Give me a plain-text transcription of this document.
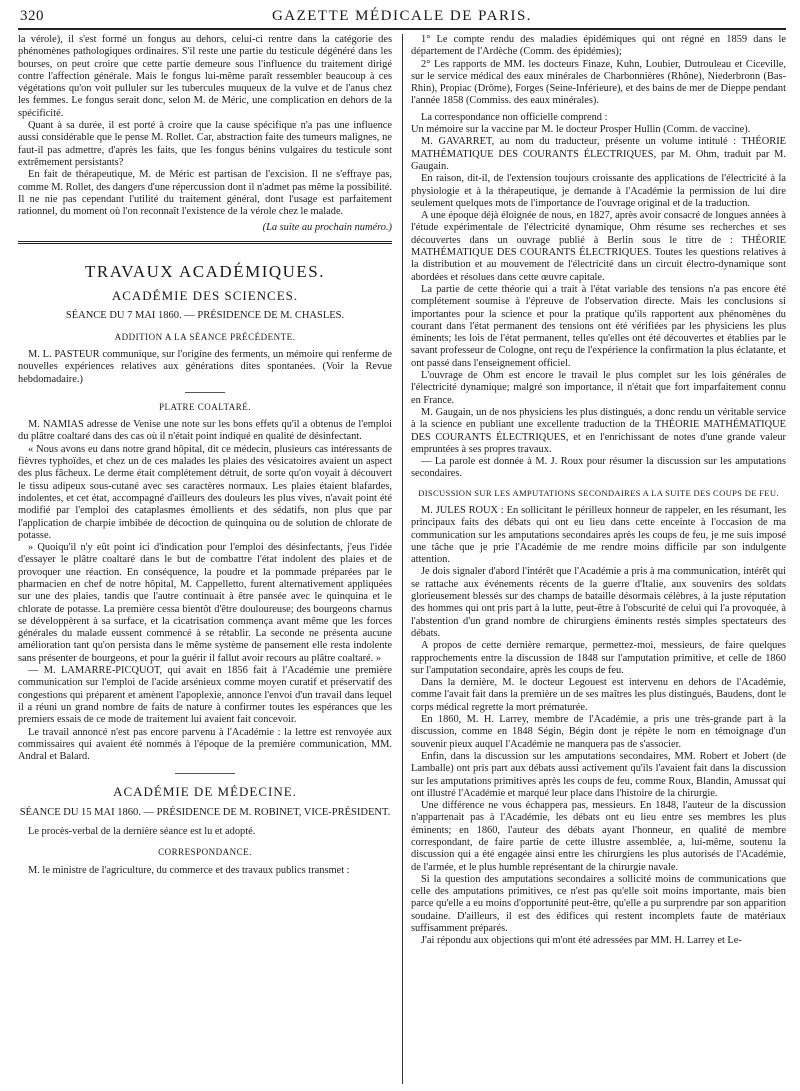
320	GAZETTE MÉDICALE DE PARIS.

la vérole), il s'est formé un fongus au dehors, celui-ci rentre dans la catégorie des phénomènes pathologiques ordinaires. S'il reste une partie du testicule dégénéré dans les bourses, on peut croire que cette partie demeure sous l'influence du traitement dirigé contre l'affection générale. Mais le fongus lui-même paraît ressembler beaucoup à ces végétations qu'on voit pulluler sur les tubercules muqueux de la vulve et de l'anus chez les femmes. Le fongus serait donc, selon M. de Méric, une complication en dehors de la spécificité.

Quant à sa durée, il est porté à croire que la cause spécifique n'a pas une influence aussi considérable que le pense M. Rollet. Car, abstraction faite des tumeurs malignes, ne faut-il pas admettre, d'après les faits, que les fongus bénins vulgaires du testicule sont extrêmement persistants?

En fait de thérapeutique, M. de Méric est partisan de l'excision. Il ne s'effraye pas, comme M. Rollet, des dangers d'une répercussion dont il n'admet pas même la possibilité. Il ne nie pas cependant l'utilité du traitement général, dont l'usage est parfaitement rationnel, du moment où l'on reconnaît l'existence de la vérole chez le malade.

(La suite au prochain numéro.)

TRAVAUX ACADÉMIQUES.
ACADÉMIE DES SCIENCES.
SÉANCE DU 7 MAI 1860. — PRÉSIDENCE DE M. CHASLES.
ADDITION A LA SÉANCE PRÉCÉDENTE.

M. L. PASTEUR communique, sur l'origine des ferments, un mémoire qui renferme de nouvelles expériences relatives aux générations dites spontanées. (Voir la Revue hebdomadaire.)

PLATRE COALTARÉ.

M. NAMIAS adresse de Venise une note sur les bons effets qu'il a obtenus de l'emploi du plâtre coaltaré dans des cas où il n'était point indiqué en qualité de désinfectant.

« Nous avons eu dans notre grand hôpital, dit ce médecin, plusieurs cas intéressants de fièvres typhoïdes, et chez un de ces malades les plaies des vésicatoires avaient un aspect des plus fâcheux. Le derme était complétement détruit, de sorte qu'on voyait à découvert le tissu adipeux sous-cutané avec ses caractères normaux. Les plaies étaient blafardes, indolentes, et cet état, accompagné d'ailleurs des douleurs les plus vives, n'avait point été modifié par l'emploi des cataplasmes émollients et des sédatifs, non plus que par l'application de charpie imbibée de décoction de quinquina ou de solution de chlorate de potasse.

» Quoiqu'il n'y eût point ici d'indication pour l'emploi des désinfectants, j'eus l'idée d'essayer le plâtre coaltaré dans le but de combattre l'état indolent des plaies et de provoquer une réaction. En conséquence, la poudre et la pommade préparées par le pharmacien en chef de notre hôpital, M. Cappelletto, furent alternativement appliquées sur une des plaies, tandis que l'autre continuait à être pansée avec le quinquina et le chlorate de potasse. La première cessa bientôt d'être douloureuse; des bourgeons charnus se développèrent à sa surface, et la cicatrisation commença avant même que les forces générales du malade eussent commencé à se rétablir. La seconde ne présenta aucune amélioration tant qu'on persista dans le même système de pansement elle resta indolente sans présenter de bourgeons, et pour la guérir il fallut avoir recours au plâtre coaltaré. »

— M. LAMARRE-PICQUOT, qui avait en 1856 fait à l'Académie une première communication sur l'emploi de l'acide arsénieux comme moyen curatif et préservatif des congestions qui préparent et amènent l'apoplexie, annonce l'envoi d'un travail dans lequel il a réuni un grand nombre de faits de nature à confirmer toutes les espérances que les premiers essais de ce mode de traitement lui avaient fait concevoir.

Le travail annoncé n'est pas encore parvenu à l'Académie : la lettre est renvoyée aux commissaires qui avaient été nommés à l'époque de la première communication, MM. Andral et Balard.

ACADÉMIE DE MÉDECINE.
SÉANCE DU 15 MAI 1860. — PRÉSIDENCE DE M. ROBINET, VICE-PRÉSIDENT.

Le procès-verbal de la dernière séance est lu et adopté.

CORRESPONDANCE.

M. le ministre de l'agriculture, du commerce et des travaux publics transmet :

1° Le compte rendu des maladies épidémiques qui ont régné en 1859 dans le département de l'Ardèche (Comm. des épidémies);

2° Les rapports de MM. les docteurs Finaze, Kuhn, Loubier, Dutrouleau et Ciceville, sur le service médical des eaux minérales de Charbonnières (Rhône), Niederbronn (Bas-Rhin), Propiac (Drôme), Forges (Seine-Inférieure), et des bains de mer de Dieppe pendant l'année 1858 (Commiss. des eaux minérales).

La correspondance non officielle comprend :

Un mémoire sur la vaccine par M. le docteur Prosper Hullin (Comm. de vaccine).

M. GAVARRET, au nom du traducteur, présente un volume intitulé : THÉORIE MATHÉMATIQUE DES COURANTS ÉLECTRIQUES, par M. Ohm, traduit par M. Gaugain.

En raison, dit-il, de l'extension toujours croissante des applications de l'électricité à la physiologie et à la thérapeutique, je demande à l'Académie la permission de lui dire seulement quelques mots de l'importance de l'ouvrage original et de la traduction.

A une époque déjà éloignée de nous, en 1827, après avoir consacré de longues années à l'étude expérimentale de l'électricité dynamique, Ohm résume ses recherches et ses découvertes dans un ouvrage publié à Berlin sous le titre de : THÉORIE MATHÉMATIQUE DES COURANTS ÉLECTRIQUES. Toutes les questions relatives à la distribution et au mouvement de l'électricité dans un circuit électro-dynamique sont abordées et résolues dans cette œuvre capitale.

La partie de cette théorie qui a trait à l'état variable des tensions n'a pas encore été complétement soumise à l'épreuve de l'observation directe. Mais les conclusions si importantes pour la science et pour la pratique qu'ils rapportent aux phénomènes du courant dans l'état permanent des tensions ont été vérifiées par les physiciens les plus éminents; les lois de l'état permanent, telles qu'elles ont été découvertes et établies par le savant professeur de Cologne, ont reçu de l'expérience la confirmation la plus éclatante, et ont passé dans l'enseignement officiel.

L'ouvrage de Ohm est encore le travail le plus complet sur les lois générales de l'électricité dynamique; malgré son importance, il n'était que fort imparfaitement connu en France.

M. Gaugain, un de nos physiciens les plus distingués, a donc rendu un véritable service à la science en publiant une excellente traduction de la THÉORIE MATHÉMATIQUE DES COURANTS ÉLECTRIQUES, et en l'enrichissant de notes d'une grande valeur empruntées à ses propres travaux.

— La parole est donnée à M. J. Roux pour résumer la discussion sur les amputations secondaires.

DISCUSSION SUR LES AMPUTATIONS SECONDAIRES A LA SUITE DES COUPS DE FEU.

M. JULES ROUX : En sollicitant le périlleux honneur de rappeler, en les résumant, les principaux faits des débats qui ont eu lieu dans cette enceinte à l'occasion de ma communication sur les amputations secondaires après les coups de feu, je me suis imposé une tâche que je prie l'Académie de me rendre moins difficile par son indulgente attention.

Je dois signaler d'abord l'intérêt que l'Académie a pris à ma communication, intérêt qui se rattache aux événements récents de la guerre d'Italie, aux souvenirs des soldats glorieusement blessés sur des champs de bataille désormais célèbres, à la juste réputation des hommes qui ont pris part à la lutte, peut-être à l'obscurité de celui qui l'a provoquée, à l'abstention d'un grand nombre de chirurgiens éminents restés simples spectateurs des débats.

A propos de cette dernière remarque, permettez-moi, messieurs, de faire quelques rapprochements entre la discussion de 1848 sur l'amputation primitive, et celle de 1860 sur l'amputation secondaire, après les coups de feu.

Dans la dernière, M. le docteur Legouest est intervenu en dehors de l'Académie, comme l'avait fait dans la première un de ses maîtres les plus distingués, Baudens, dont le corps médical regrette la mort prématurée.

En 1860, M. H. Larrey, membre de l'Académie, a pris une très-grande part à la discussion, comme en 1848 Ségin, Bégin dont je répète le nom en témoignage d'un souvenir pieux auquel l'Académie ne manquera pas de s'associer.

Enfin, dans la discussion sur les amputations secondaires, MM. Robert et Jobert (de Lamballe) ont pris part aux débats aussi activement qu'ils l'avaient fait dans la discussion sur les amputations primitives après les coups de feu, comme Roux, Blandin, Amussat qui ont illustré l'Académie et marqué leur place dans l'histoire de la chirurgie.

Une différence ne vous échappera pas, messieurs. En 1848, l'auteur de la discussion n'appartenait pas à l'Académie, les débats ont eu lieu entre ses membres les plus éminents; en 1860, l'auteur des débats ayant l'honneur, en qualité de membre correspondant, de faire partie de cette illustre assemblée, a, lui-même, soutenu la discussion qui a été engagée ainsi entre les chirurgiens les plus autorisés de l'Académie, de l'armée, et le plus humble représentant de la chirurgie navale.

Si la question des amputations secondaires a sollicité moins de communications que celle des amputations primitives, ce n'est pas qu'elle soit moins importante, mais bien parce qu'elle a eu moins d'opportunité peut-être, qu'elle a pu surprendre par son apparition soudaine. D'ailleurs, il est des édifices qui restent incomplets faute de matériaux suffisamment préparés.

J'ai répondu aux objections qui m'ont été adressées par MM. H. Larrey et Le-
